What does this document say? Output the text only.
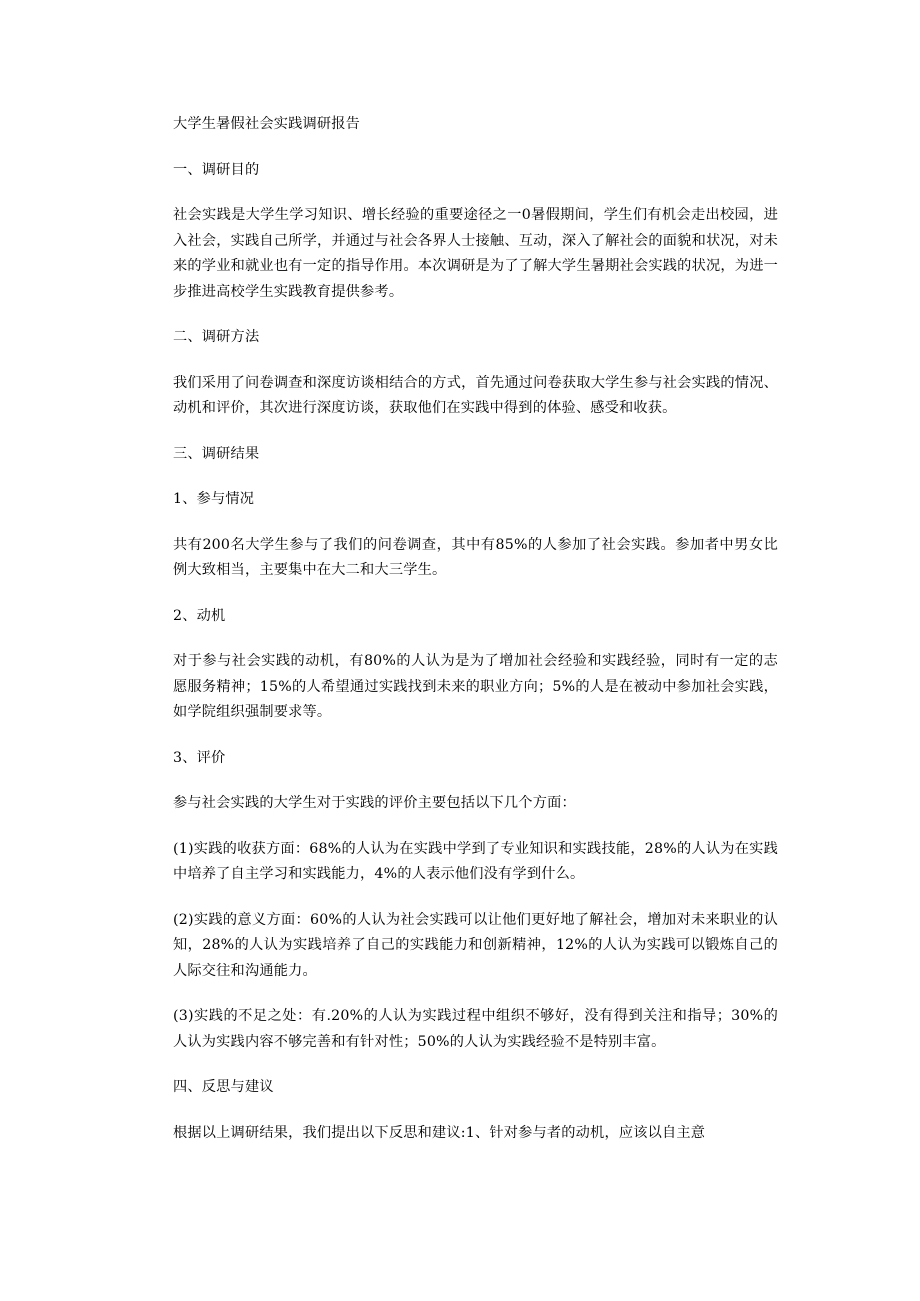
大学生暑假社会实践调研报告

一、调研目的

社会实践是大学生学习知识、增长经验的重要途径之一0暑假期间，学生们有机会走出校园，进入社会，实践自己所学，并通过与社会各界人士接触、互动，深入了解社会的面貌和状况，对未来的学业和就业也有一定的指导作用。本次调研是为了了解大学生暑期社会实践的状况，为进一步推进高校学生实践教育提供参考。

二、调研方法

我们采用了问卷调查和深度访谈相结合的方式，首先通过问卷获取大学生参与社会实践的情况、动机和评价，其次进行深度访谈，获取他们在实践中得到的体验、感受和收获。

三、调研结果

1、参与情况

共有200名大学生参与了我们的问卷调查，其中有85%的人参加了社会实践。参加者中男女比例大致相当，主要集中在大二和大三学生。

2、动机

对于参与社会实践的动机，有80%的人认为是为了增加社会经验和实践经验，同时有一定的志愿服务精神；15%的人希望通过实践找到未来的职业方向；5%的人是在被动中参加社会实践，如学院组织强制要求等。

3、评价

参与社会实践的大学生对于实践的评价主要包括以下几个方面：

(1)实践的收获方面：68%的人认为在实践中学到了专业知识和实践技能，28%的人认为在实践中培养了自主学习和实践能力，4%的人表示他们没有学到什么。

(2)实践的意义方面：60%的人认为社会实践可以让他们更好地了解社会，增加对未来职业的认知，28%的人认为实践培养了自己的实践能力和创新精神，12%的人认为实践可以锻炼自己的人际交往和沟通能力。

(3)实践的不足之处：有.20%的人认为实践过程中组织不够好，没有得到关注和指导；30%的人认为实践内容不够完善和有针对性；50%的人认为实践经验不是特别丰富。

四、反思与建议

根据以上调研结果，我们提出以下反思和建议:1、针对参与者的动机，应该以自主意
